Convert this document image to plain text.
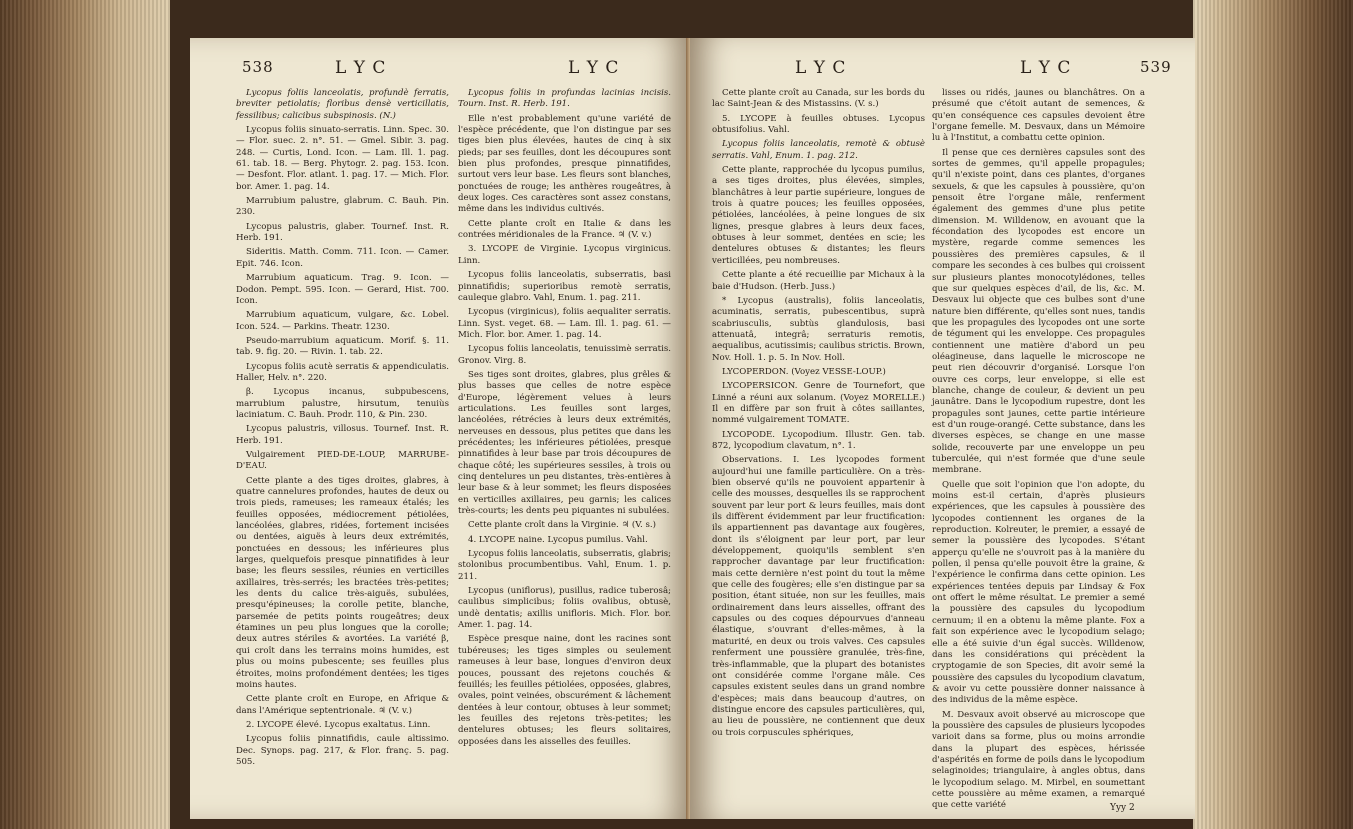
538	L Y C	L Y C

Lycopus foliis lanceolatis, profundè ferratis, breviter petiolatis; floribus densè verticillatis, fessilibus; calicibus subspinosis. (N.)

Lycopus foliis sinuato-serratis. Linn. Spec. 30. — Flor. suec. 2. n°. 51. — Gmel. Sibir. 3. pag. 248. — Curtis, Lond. Icon. — Lam. Ill. 1. pag. 61. tab. 18. — Berg. Phytogr. 2. pag. 153. Icon. — Desfont. Flor. atlant. 1. pag. 17. — Mich. Flor. bor. Amer. 1. pag. 14.

Marrubium palustre, glabrum. C. Bauh. Pin. 230.

Lycopus palustris, glaber. Tournef. Inst. R. Herb. 191.

Sideritis. Matth. Comm. 711. Icon. — Camer. Epit. 746. Icon.

Marrubium aquaticum. Trag. 9. Icon. — Dodon. Pempt. 595. Icon. — Gerard, Hist. 700. Icon.

Marrubium aquaticum, vulgare, &c. Lobel. Icon. 524. — Parkins. Theatr. 1230.

Pseudo-marrubium aquaticum. Morif. §. 11. tab. 9. fig. 20. — Rivin. 1. tab. 22.

Lycopus foliis acutè serratis & appendiculatis. Haller, Helv. n°. 220.

β. Lycopus incanus, subpubescens, marrubium palustre, hirsutum, tenuiùs laciniatum. C. Bauh. Prodr. 110, & Pin. 230.

Lycopus palustris, villosus. Tournef. Inst. R. Herb. 191.

Vulgairement PIED-DE-LOUP, MARRUBE-D'EAU.

Cette plante a des tiges droites, glabres, à quatre cannelures profondes, hautes de deux ou trois pieds, rameuses; les rameaux étalés; les feuilles opposées, médiocrement pétiolées, lancéolées, glabres, ridées, fortement incisées ou dentées, aiguës à leurs deux extrémités, ponctuées en dessous; les inférieures plus larges, quelquefois presque pinnatifides à leur base; les fleurs sessiles, réunies en verticilles axillaires, très-serrés; les bractées très-petites; les dents du calice très-aiguës, subulées, presqu'épineuses; la corolle petite, blanche, parsemée de petits points rougeâtres; deux étamines un peu plus longues que la corolle; deux autres stériles & avortées. La variété β, qui croît dans les terrains moins humides, est plus ou moins pubescente; ses feuilles plus étroites, moins profondément dentées; les tiges moins hautes.

Cette plante croît en Europe, en Afrique & dans l'Amérique septentrionale. ♃ (V. v.)

2. LYCOPE élevé. Lycopus exaltatus. Linn.

Lycopus foliis pinnatifidis, caule altissimo. Dec. Synops. pag. 217, & Flor. franç. 5. pag. 505.

Lycopus foliis in profundas lacinias incisis. Tourn. Inst. R. Herb. 191.

Elle n'est probablement qu'une variété de l'espèce précédente, que l'on distingue par ses tiges bien plus élevées, hautes de cinq à six pieds; par ses feuilles, dont les découpures sont bien plus profondes, presque pinnatifides, surtout vers leur base. Les fleurs sont blanches, ponctuées de rouge; les anthères rougeâtres, à deux loges. Ces caractères sont assez constans, même dans les individus cultivés.

Cette plante croît en Italie & dans les contrées méridionales de la France. ♃ (V. v.)

3. LYCOPE de Virginie. Lycopus virginicus. Linn.

Lycopus foliis lanceolatis, subserratis, basi pinnatifidis; superioribus remotè serratis, cauleque glabro. Vahl, Enum. 1. pag. 211.

Lycopus (virginicus), foliis aequaliter serratis. Linn. Syst. veget. 68. — Lam. Ill. 1. pag. 61. — Mich. Flor. bor. Amer. 1. pag. 14.

Lycopus foliis lanceolatis, tenuissimè serratis. Gronov. Virg. 8.

Ses tiges sont droites, glabres, plus grêles & plus basses que celles de notre espèce d'Europe, légèrement velues à leurs articulations. Les feuilles sont larges, lancéolées, rétrécies à leurs deux extrémités, nerveuses en dessous, plus petites que dans les précédentes; les inférieures pétiolées, presque pinnatifides à leur base par trois découpures de chaque côté; les supérieures sessiles, à trois ou cinq dentelures un peu distantes, très-entières à leur base & à leur sommet; les fleurs disposées en verticilles axillaires, peu garnis; les calices très-courts; les dents peu piquantes ni subulées.

Cette plante croît dans la Virginie. ♃ (V. s.)

4. LYCOPE naine. Lycopus pumilus. Vahl.

Lycopus foliis lanceolatis, subserratis, glabris; stolonibus procumbentibus. Vahl, Enum. 1. p. 211.

Lycopus (uniflorus), pusillus, radice tuberosâ; caulibus simplicibus; foliis ovalibus, obtusè, undè dentatis; axillis unifloris. Mich. Flor. bor. Amer. 1. pag. 14.

Espèce presque naine, dont les racines sont tubéreuses; les tiges simples ou seulement rameuses à leur base, longues d'environ deux pouces, poussant des rejetons couchés & feuillés; les feuilles pétiolées, opposées, glabres, ovales, point veinées, obscurément & lâchement dentées à leur contour, obtuses à leur sommet; les feuilles des rejetons très-petites; les dentelures obtuses; les fleurs solitaires, opposées dans les aisselles des feuilles.

L Y C	L Y C	539

Cette plante croît au Canada, sur les bords du lac Saint-Jean & des Mistassins. (V. s.)

5. LYCOPE à feuilles obtuses. Lycopus obtusifolius. Vahl.

Lycopus foliis lanceolatis, remotè & obtusè serratis. Vahl, Enum. 1. pag. 212.

Cette plante, rapprochée du lycopus pumilus, a ses tiges droites, plus élevées, simples, blanchâtres à leur partie supérieure, longues de trois à quatre pouces; les feuilles opposées, pétiolées, lancéolées, à peine longues de six lignes, presque glabres à leurs deux faces, obtuses à leur sommet, dentées en scie; les dentelures obtuses & distantes; les fleurs verticillées, peu nombreuses.

Cette plante a été recueillie par Michaux à la baie d'Hudson. (Herb. Juss.)

* Lycopus (australis), foliis lanceolatis, acuminatis, serratis, pubescentibus, suprà scabriusculis, subtùs glandulosis, basi attenuatâ, integrâ; serraturis remotis, aequalibus, acutissimis; caulibus strictis. Brown, Nov. Holl. 1. p. 5. In Nov. Holl.

LYCOPERDON. (Voyez VESSE-LOUP.)

LYCOPERSICON. Genre de Tournefort, que Linné a réuni aux solanum. (Voyez MORELLE.) Il en diffère par son fruit à côtes saillantes, nommé vulgairement TOMATE.

LYCOPODE. Lycopodium. Illustr. Gen. tab. 872, lycopodium clavatum, n°. 1.

Observations. I. Les lycopodes forment aujourd'hui une famille particulière. On a très-bien observé qu'ils ne pouvoient appartenir à celle des mousses, desquelles ils se rapprochent souvent par leur port & leurs feuilles, mais dont ils diffèrent évidemment par leur fructification: ils appartiennent pas davantage aux fougères, dont ils s'éloignent par leur port, par leur développement, quoiqu'ils semblent s'en rapprocher davantage par leur fructification: mais cette dernière n'est point du tout la même que celle des fougères; elle s'en distingue par sa position, étant située, non sur les feuilles, mais ordinairement dans leurs aisselles, offrant des capsules ou des coques dépourvues d'anneau élastique, s'ouvrant d'elles-mêmes, à la maturité, en deux ou trois valves. Ces capsules renferment une poussière granulée, très-fine, très-inflammable, que la plupart des botanistes ont considérée comme l'organe mâle. Ces capsules existent seules dans un grand nombre d'espèces; mais dans beaucoup d'autres, on distingue encore des capsules particulières, qui, au lieu de poussière, ne contiennent que deux ou trois corpuscules sphériques,

lisses ou ridés, jaunes ou blanchâtres. On a présumé que c'étoit autant de semences, & qu'en conséquence ces capsules devoient être l'organe femelle. M. Desvaux, dans un Mémoire lu à l'Institut, a combattu cette opinion.

Il pense que ces dernières capsules sont des sortes de gemmes, qu'il appelle propagules; qu'il n'existe point, dans ces plantes, d'organes sexuels, & que les capsules à poussière, qu'on pensoit être l'organe mâle, renferment également des gemmes d'une plus petite dimension. M. Willdenow, en avouant que la fécondation des lycopodes est encore un mystère, regarde comme semences les poussières des premières capsules, & il compare les secondes à ces bulbes qui croissent sur plusieurs plantes monocotylédones, telles que sur quelques espèces d'ail, de lis, &c. M. Desvaux lui objecte que ces bulbes sont d'une nature bien différente, qu'elles sont nues, tandis que les propagules des lycopodes ont une sorte de tégument qui les enveloppe. Ces propagules contiennent une matière d'abord un peu oléagineuse, dans laquelle le microscope ne peut rien découvrir d'organisé. Lorsque l'on ouvre ces corps, leur enveloppe, si elle est blanche, change de couleur, & devient un peu jaunâtre. Dans le lycopodium rupestre, dont les propagules sont jaunes, cette partie intérieure est d'un rouge-orangé. Cette substance, dans les diverses espèces, se change en une masse solide, recouverte par une enveloppe un peu tuberculée, qui n'est formée que d'une seule membrane.

Quelle que soit l'opinion que l'on adopte, du moins est-il certain, d'après plusieurs expériences, que les capsules à poussière des lycopodes contiennent les organes de la reproduction. Kolreuter, le premier, a essayé de semer la poussière des lycopodes. S'étant apperçu qu'elle ne s'ouvroit pas à la manière du pollen, il pensa qu'elle pouvoit être la graine, & l'expérience le confirma dans cette opinion. Les expériences tentées depuis par Lindsay & Fox ont offert le même résultat. Le premier a semé la poussière des capsules du lycopodium cernuum; il en a obtenu la même plante. Fox a fait son expérience avec le lycopodium selago; elle a été suivie d'un égal succès. Willdenow, dans les considérations qui précèdent la cryptogamie de son Species, dit avoir semé la poussière des capsules du lycopodium clavatum, & avoir vu cette poussière donner naissance à des individus de la même espèce.

M. Desvaux avoit observé au microscope que la poussière des capsules de plusieurs lycopodes varioit dans sa forme, plus ou moins arrondie dans la plupart des espèces, hérissée d'aspérités en forme de poils dans le lycopodium selaginoides; triangulaire, à angles obtus, dans le lycopodium selago. M. Mirbel, en soumettant cette poussière au même examen, a remarqué que cette variété	Yyy 2
